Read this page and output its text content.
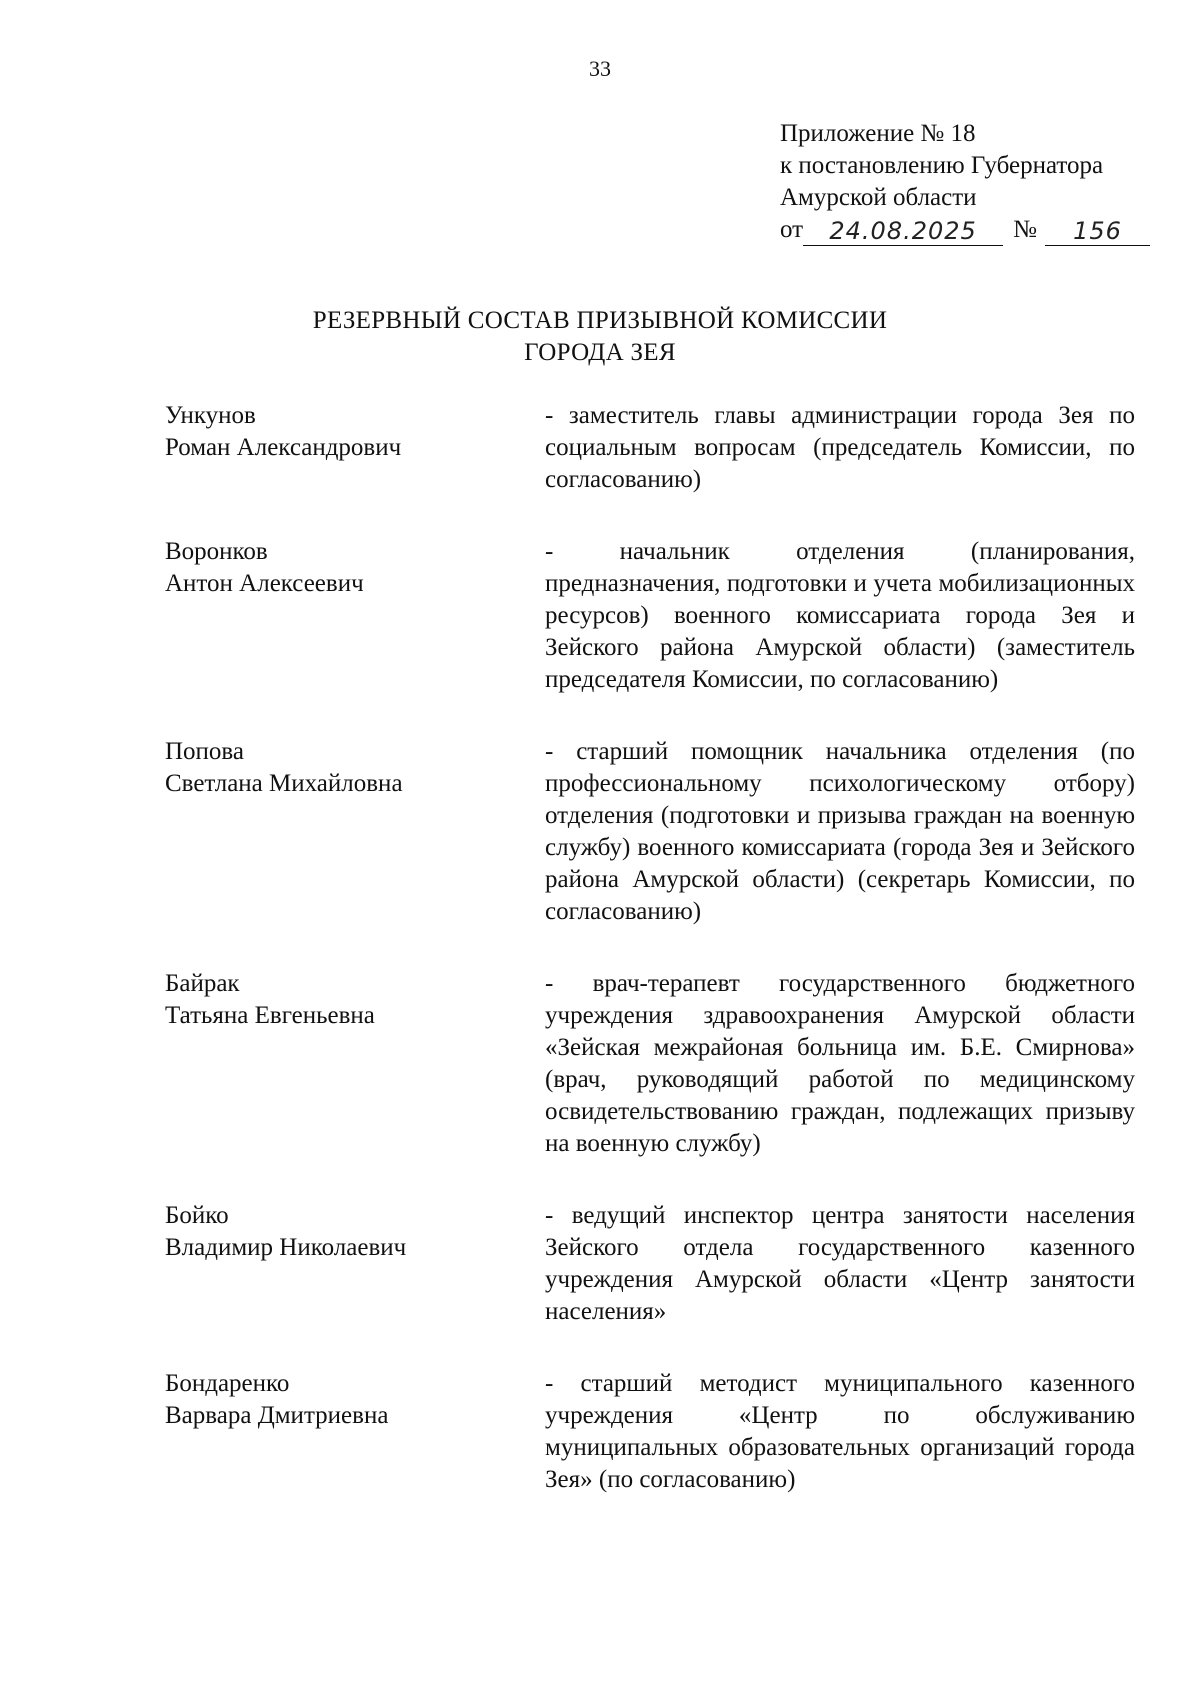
33
Приложение № 18
к постановлению Губернатора
Амурской области
от	24.08.2025	№	156
РЕЗЕРВНЫЙ СОСТАВ ПРИЗЫВНОЙ КОМИССИИ
ГОРОДА ЗЕЯ
Ункунов
Роман Александрович
- заместитель главы администрации города Зея по социальным вопросам (председатель Комиссии, по согласованию)
Воронков
Антон Алексеевич
- начальник отделения (планирования, предназначения, подготовки и учета мобилизационных ресурсов) военного комиссариата города Зея и Зейского района Амурской области) (заместитель председателя Комиссии, по согласованию)
Попова
Светлана Михайловна
- старший помощник начальника отделения (по профессиональному психологическому отбору) отделения (подготовки и призыва граждан на военную службу) военного комиссариата (города Зея и Зейского района Амурской области) (секретарь Комиссии, по согласованию)
Байрак
Татьяна Евгеньевна
- врач-терапевт государственного бюджетного учреждения здравоохранения Амурской области «Зейская межрайоная больница им. Б.Е. Смирнова» (врач, руководящий работой по медицинскому освидетельствованию граждан, подлежащих призыву на военную службу)
Бойко
Владимир Николаевич
- ведущий инспектор центра занятости населения Зейского отдела государственного казенного учреждения Амурской области «Центр занятости населения»
Бондаренко
Варвара Дмитриевна
- старший методист муниципального казенного учреждения «Центр по обслуживанию муниципальных образовательных организаций города Зея» (по согласованию)
